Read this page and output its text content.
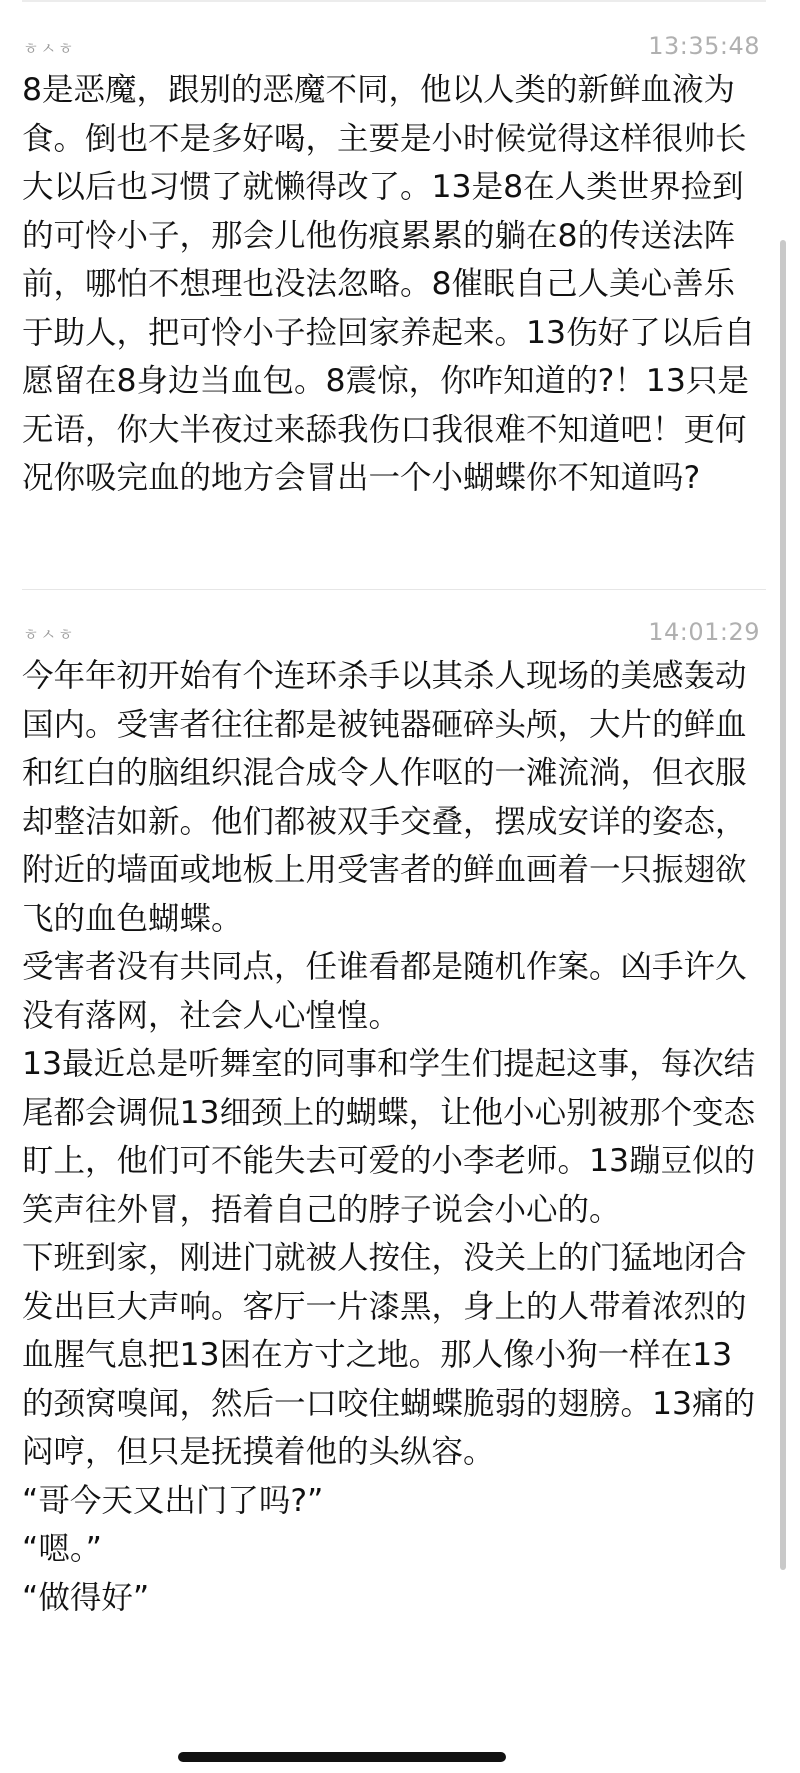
ㅎㅅㅎ	13:35:48

8是恶魔，跟别的恶魔不同，他以人类的新鲜血液为食。倒也不是多好喝，主要是小时候觉得这样很帅长大以后也习惯了就懒得改了。13是8在人类世界捡到的可怜小子，那会儿他伤痕累累的躺在8的传送法阵前，哪怕不想理也没法忽略。8催眠自己人美心善乐于助人，把可怜小子捡回家养起来。13伤好了以后自愿留在8身边当血包。8震惊，你咋知道的?！13只是无语，你大半夜过来舔我伤口我很难不知道吧！更何况你吸完血的地方会冒出一个小蝴蝶你不知道吗?

ㅎㅅㅎ	14:01:29

今年年初开始有个连环杀手以其杀人现场的美感轰动国内。受害者往往都是被钝器砸碎头颅，大片的鲜血和红白的脑组织混合成令人作呕的一滩流淌，但衣服却整洁如新。他们都被双手交叠，摆成安详的姿态，附近的墙面或地板上用受害者的鲜血画着一只振翅欲飞的血色蝴蝶。

受害者没有共同点，任谁看都是随机作案。凶手许久没有落网，社会人心惶惶。

13最近总是听舞室的同事和学生们提起这事，每次结尾都会调侃13细颈上的蝴蝶，让他小心别被那个变态盯上，他们可不能失去可爱的小李老师。13蹦豆似的笑声往外冒，捂着自己的脖子说会小心的。

下班到家，刚进门就被人按住，没关上的门猛地闭合发出巨大声响。客厅一片漆黑，身上的人带着浓烈的血腥气息把13困在方寸之地。那人像小狗一样在13的颈窝嗅闻，然后一口咬住蝴蝶脆弱的翅膀。13痛的闷哼，但只是抚摸着他的头纵容。

“哥今天又出门了吗?”

“嗯。”

“做得好”
